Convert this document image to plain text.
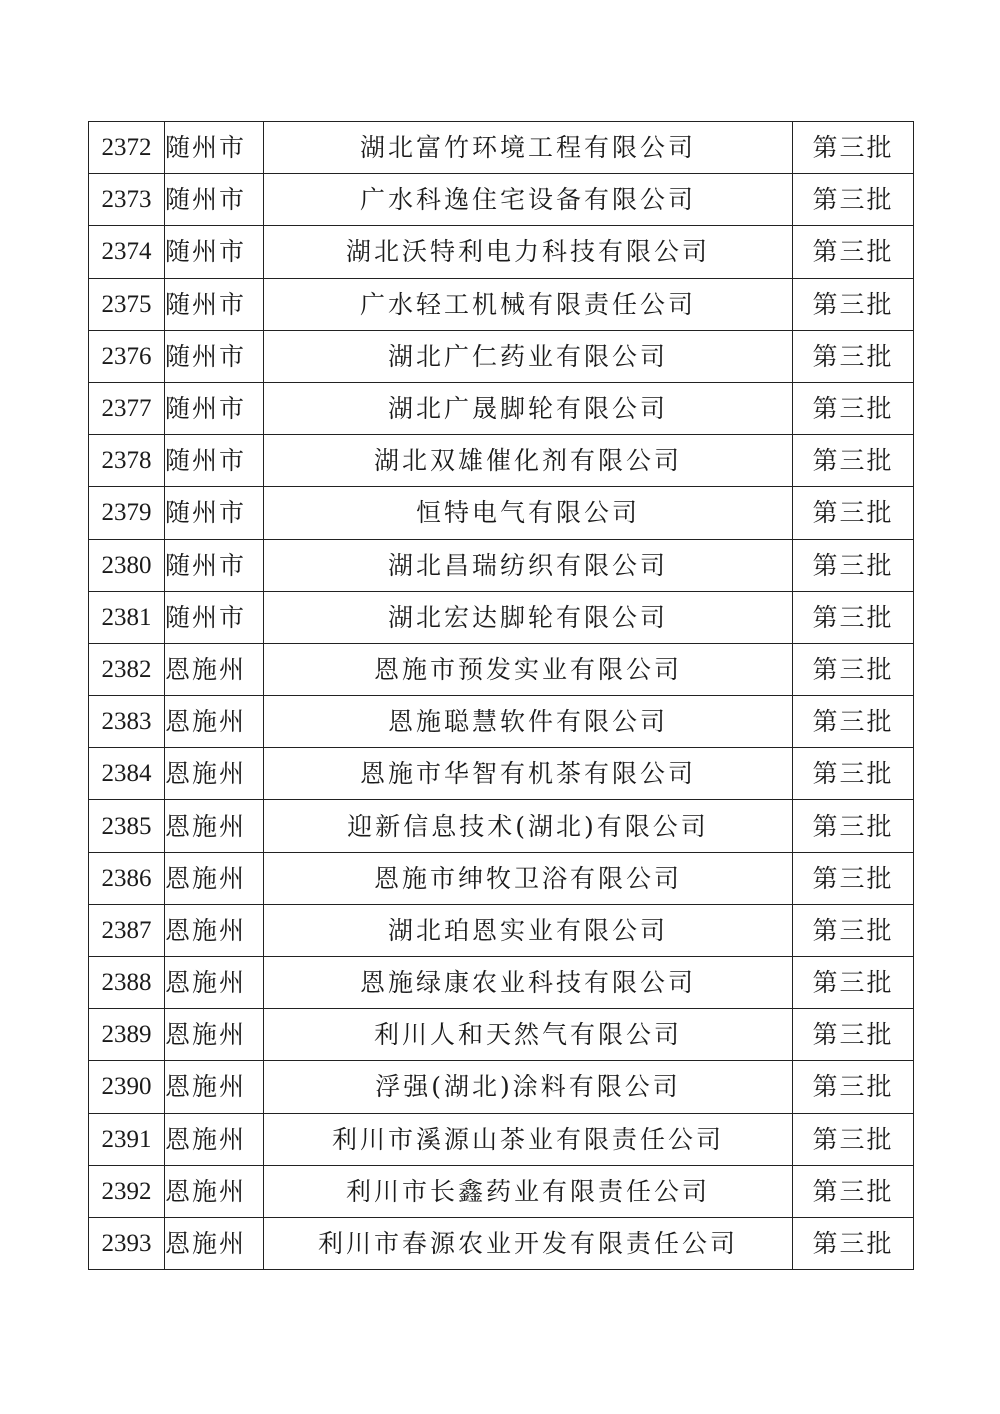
2372	随州市	湖北富竹环境工程有限公司	第三批
2373	随州市	广水科逸住宅设备有限公司	第三批
2374	随州市	湖北沃特利电力科技有限公司	第三批
2375	随州市	广水轻工机械有限责任公司	第三批
2376	随州市	湖北广仁药业有限公司	第三批
2377	随州市	湖北广晟脚轮有限公司	第三批
2378	随州市	湖北双雄催化剂有限公司	第三批
2379	随州市	恒特电气有限公司	第三批
2380	随州市	湖北昌瑞纺织有限公司	第三批
2381	随州市	湖北宏达脚轮有限公司	第三批
2382	恩施州	恩施市预发实业有限公司	第三批
2383	恩施州	恩施聪慧软件有限公司	第三批
2384	恩施州	恩施市华智有机茶有限公司	第三批
2385	恩施州	迎新信息技术(湖北)有限公司	第三批
2386	恩施州	恩施市绅牧卫浴有限公司	第三批
2387	恩施州	湖北珀恩实业有限公司	第三批
2388	恩施州	恩施绿康农业科技有限公司	第三批
2389	恩施州	利川人和天然气有限公司	第三批
2390	恩施州	浮强(湖北)涂料有限公司	第三批
2391	恩施州	利川市溪源山茶业有限责任公司	第三批
2392	恩施州	利川市长鑫药业有限责任公司	第三批
2393	恩施州	利川市春源农业开发有限责任公司	第三批
